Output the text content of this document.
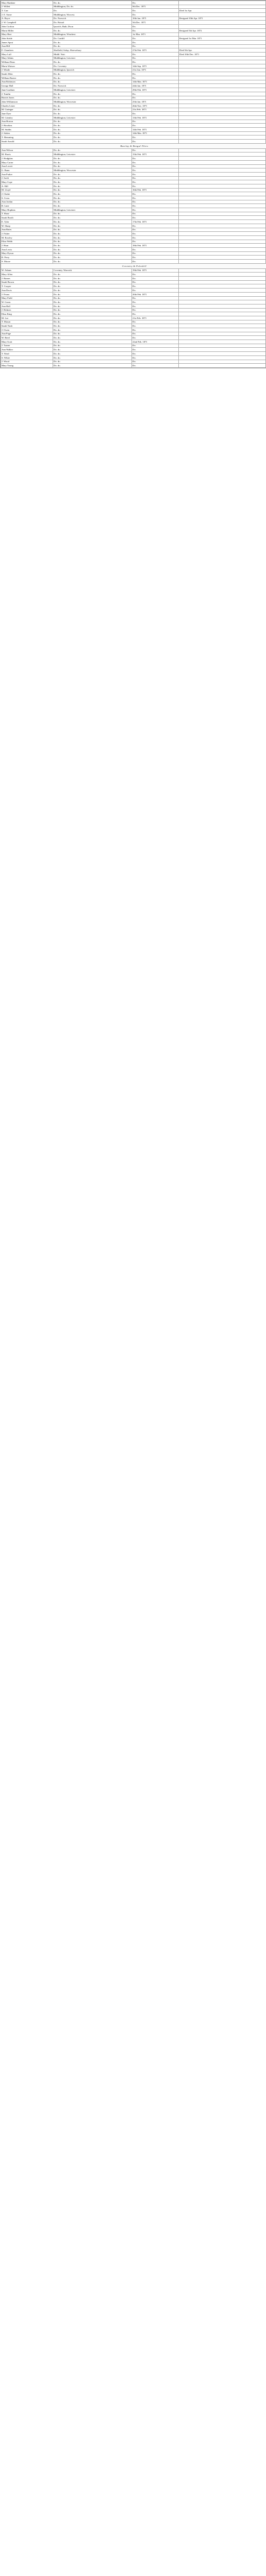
Mary Rankine	Do. do.	Do.	
J. Willett	Middlington, Do. do.	9th Dec. 1871	
T. Carr	Do.	Do.	Died 1st Apr.
J. E. Stone	Middlington, Worcest.	Do.	
A. Bryce	Do. Norwich	10th Jan. 1871	Resigned 10th Apr. 1871
J. W. Campbell	Do. Bristol	5th Dec. 1871	
John Crofton	Ipswich, Bath, Dvon	Do.	
Maria Miller	Do. do.	Do.	Resigned 5th Apr. 1872
Mary Hart	Middlington, Winchest.	1st Mar. 1871	
John Stride	Do. Cardiff	Do.	Resigned 1st Mar. 1871
James Sprat	Do. do.	Do.	
Ann Hill	Do. do.	Do.	
F. Chambers	Sheffield, Salop, Shrewsbury	27th Feb. 1871	Died 5th Apr.
Mary Lull	Middl. Nott.	Do.	Died 10th Dec. 1871
Mary Atkins	Middlington, Leicester	Do.	
William Dean	Do. do.	Do.	
Maria Watson	Do. Coventry	14th Sep. 1871	
J. Wintle	Middlington, Ipswich	21st Jan. 1871	
Sarah Allen	Do. do.	Do.	
William Baxter	Do. do.	Do.	
Ann Robinson	Do. do.	14th Mar. 1871	
George Hall	Do. Norwich	24th Jan. 1871	
Jane Gardiner	Middlington, Leicester	29th Feb. 1871	
J. Tomlin	Do. do.	Do.	
Harriet Jones	Do. do.	Do.	
John Williamson	Middlington, Worcester	25th Jan. 1871	
Charles Lister	Do. do.	26th Nov. 1871	
M. Grainger	Do. do.	21st Feb. 1871	
Jane Dyer	Do. do.	Do.	
M. Grimley	Middlington, Leicester	13th Feb. 1871	
Ann Horton	Do. do.	Do.	
J. Hawkins	Do. do.	Do.	
M. Stubbs	Do. do.	14th Feb. 1871	
J. Stokes	Do. do.	14th Mar. 1871	
T. Hemming	Do. do.	Do.	
Sarah Arnold	Do. do.	Do.	
Barclay & Bengal Tilers			
Ann Wilson	Do. do.	Do.	
M. Harris	Middlington, Leicester	15th Feb. 1871	
J. Hodgkins	Do. do.	Do.	
Mary Carter	Do. do.	Do.	
Ann Lovett	Do. do.	Do.	
G. Bunn	Middlington, Worcester	Do.	
Ann Parker	Do. do.	Do.	
J. Swift	Do. do.	Do.	
Mary Cope	Do. do.	Do.	
A. Hill	Do. do.	Do.	
M. Lloyd	Do. do.	16th Feb. 1871	
J. Clarke	Do. do.	Do.	
S. Cross	Do. do.	Do.	
Ann Jordan	Do. do.	Do.	
R. Lane	Do. do.	Do.	
Mary Hopkins	Middlington, Leicester	Do.	
T. Shaw	Do. do.	Do.	
Sarah Booth	Do. do.	Do.	
E. Tyler	Do. do.	17th Feb. 1871	
W. Sharp	Do. do.	Do.	
Ann Bates	Do. do.	Do.	
J. Fisher	Do. do.	Do.	
M. Rowley	Do. do.	Do.	
Eliza Webb	Do. do.	Do.	
J. Hunt	Do. do.	18th Feb. 1871	
Ann Lewis	Do. do.	Do.	
Mary Dyson	Do. do.	Do.	
R. Perry	Do. do.	Do.	
S. Moore	Do. do.	Do.	
Coventry & Foleshill			
W. Adams	Coventry, Warwick	19th Feb. 1871	
Mary Allen	Do. do.	Do.	
J. Barnes	Do. do.	Do.	
Sarah Brown	Do. do.	Do.	
T. Cooper	Do. do.	Do.	
Ann Davis	Do. do.	Do.	
J. Evans	Do. do.	20th Feb. 1871	
Mary Field	Do. do.	Do.	
W. Green	Do. do.	Do.	
Ann Hall	Do. do.	Do.	
J. Holmes	Do. do.	Do.	
Eliza King	Do. do.	Do.	
M. Lee	Do. do.	21st Feb. 1871	
T. Mason	Do. do.	Do.	
Sarah Nash	Do. do.	Do.	
J. Owen	Do. do.	Do.	
Ann Page	Do. do.	Do.	
W. Reed	Do. do.	Do.	
Mary Scott	Do. do.	22nd Feb. 1871	
J. Turner	Do. do.	Do.	
Ann Walker	Do. do.	Do.	
T. Ward	Do. do.	Do.	
S. White	Do. do.	Do.	
J. Wood	Do. do.	Do.	
Mary Young	Do. do.	Do.	
